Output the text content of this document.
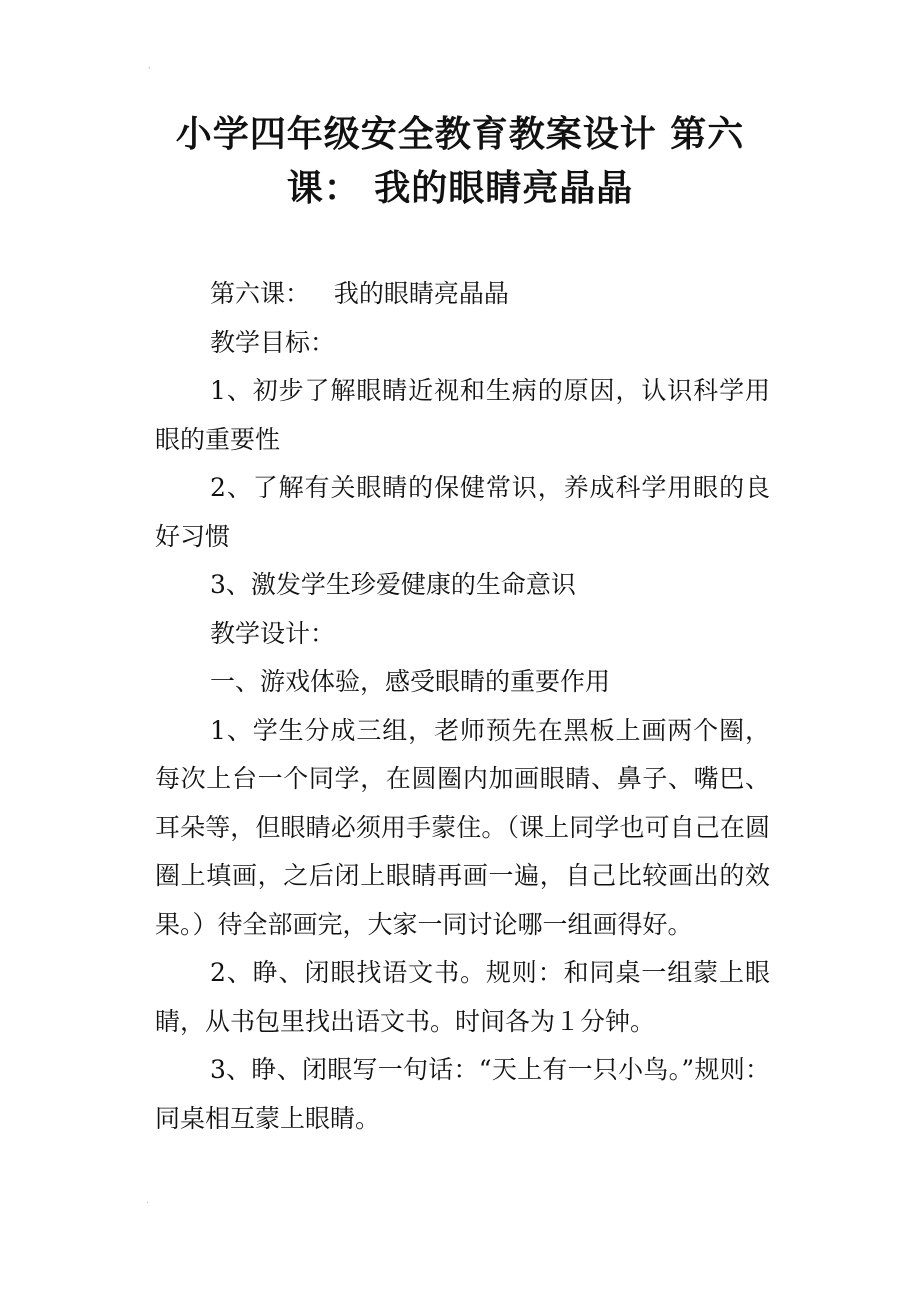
'
小学四年级安全教育教案设计 第六
课： 我的眼睛亮晶晶

第六课：   我的眼睛亮晶晶

教学目标：

1、初步了解眼睛近视和生病的原因，认识科学用眼的重要性

2、了解有关眼睛的保健常识，养成科学用眼的良好习惯

3、激发学生珍爱健康的生命意识

教学设计：

一、游戏体验，感受眼睛的重要作用

1、学生分成三组，老师预先在黑板上画两个圈，每次上台一个同学，在圆圈内加画眼睛、鼻子、嘴巴、耳朵等，但眼睛必须用手蒙住。（课上同学也可自己在圆圈上填画，之后闭上眼睛再画一遍，自己比较画出的效果。）待全部画完，大家一同讨论哪一组画得好。

2、睁、闭眼找语文书。规则：和同桌一组蒙上眼睛，从书包里找出语文书。时间各为１分钟。

3、睁、闭眼写一句话：“天上有一只小鸟。”规则：同桌相互蒙上眼睛。

.
